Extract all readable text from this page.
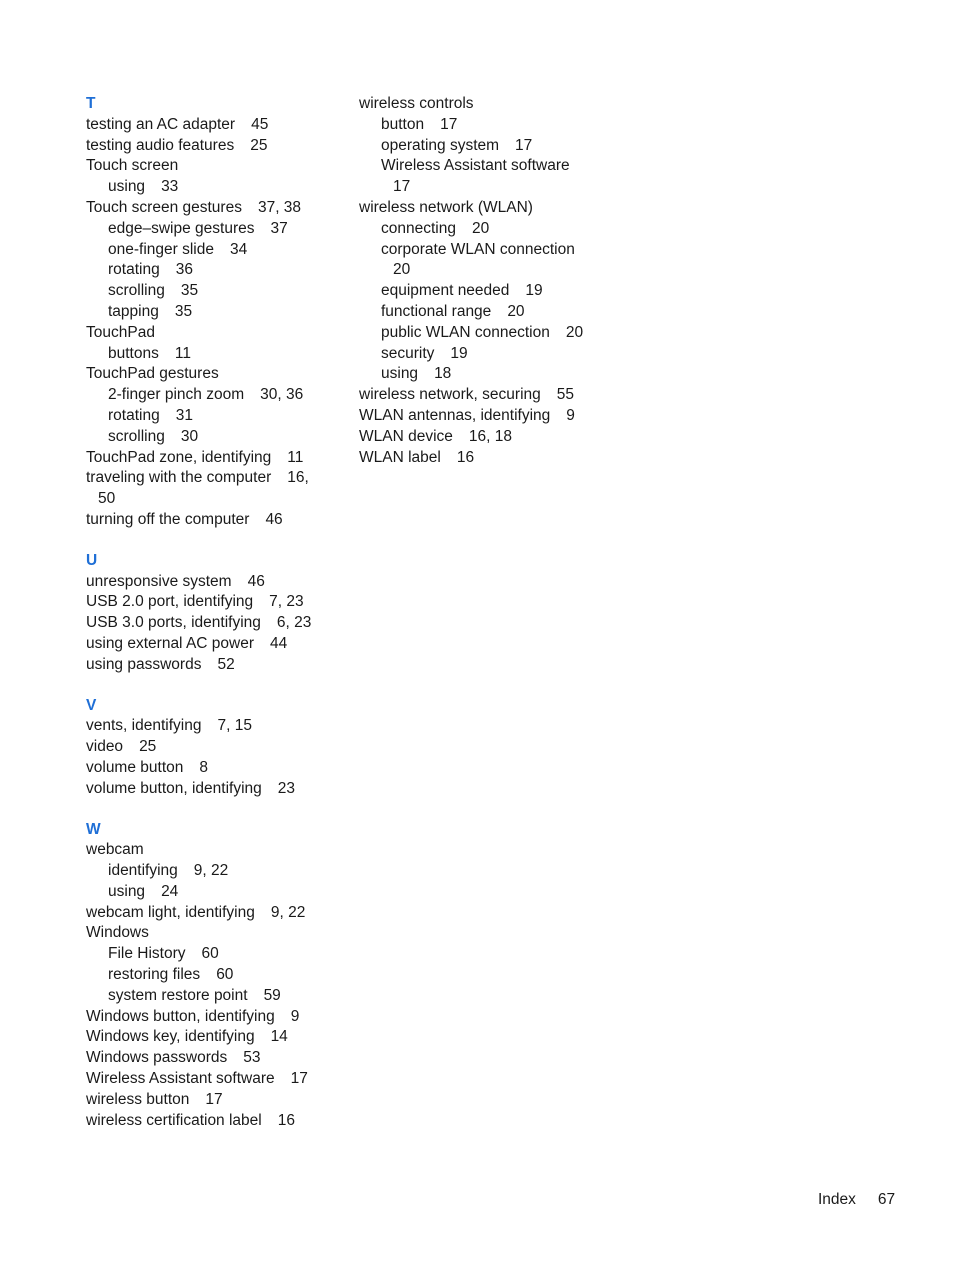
T
testing an AC adapter 45
testing audio features 25
Touch screen
using 33
Touch screen gestures 37, 38
edge–swipe gestures 37
one-finger slide 34
rotating 36
scrolling 35
tapping 35
TouchPad
buttons 11
TouchPad gestures
2-finger pinch zoom 30, 36
rotating 31
scrolling 30
TouchPad zone, identifying 11
traveling with the computer 16,
50
turning off the computer 46
U
unresponsive system 46
USB 2.0 port, identifying 7, 23
USB 3.0 ports, identifying 6, 23
using external AC power 44
using passwords 52
V
vents, identifying 7, 15
video 25
volume button 8
volume button, identifying 23
W
webcam
identifying 9, 22
using 24
webcam light, identifying 9, 22
Windows
File History 60
restoring files 60
system restore point 59
Windows button, identifying 9
Windows key, identifying 14
Windows passwords 53
Wireless Assistant software 17
wireless button 17
wireless certification label 16
wireless controls
button 17
operating system 17
Wireless Assistant software
17
wireless network (WLAN)
connecting 20
corporate WLAN connection
20
equipment needed 19
functional range 20
public WLAN connection 20
security 19
using 18
wireless network, securing 55
WLAN antennas, identifying 9
WLAN device 16, 18
WLAN label 16
Index 67
